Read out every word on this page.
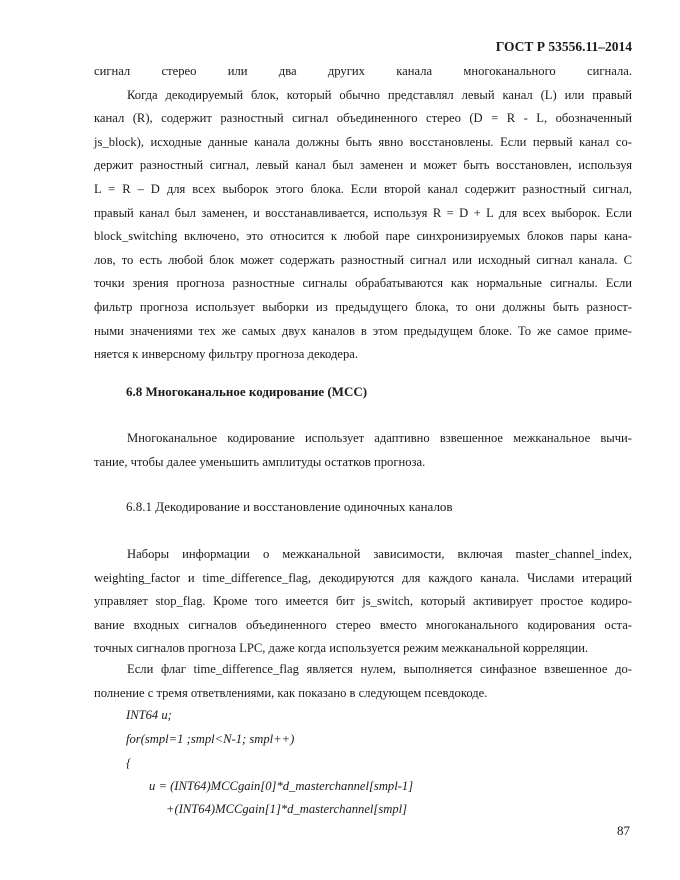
ГОСТ Р 53556.11–2014
сигнал стерео или два других канала многоканального сигнала.
Когда декодируемый блок, который обычно представлял левый канал (L) или правый
канал (R), содержит разностный сигнал объединенного стерео (D = R - L, обозначенный
js_block), исходные данные канала должны быть явно восстановлены. Если первый канал со-
держит разностный сигнал, левый канал был заменен и может быть восстановлен, используя
L = R – D для всех выборок этого блока. Если второй канал содержит разностный сигнал,
правый канал был заменен, и восстанавливается, используя R = D + L для всех выборок. Если
block_switching включено, это относится к любой паре синхронизируемых блоков пары кана-
лов, то есть любой блок может содержать разностный сигнал или исходный сигнал канала. С
точки зрения прогноза разностные сигналы обрабатываются как нормальные сигналы. Если
фильтр прогноза использует выборки из предыдущего блока, то они должны быть разност-
ными значениями тех же самых двух каналов в этом предыдущем блоке. То же самое приме-
няется к инверсному фильтру прогноза декодера.
6.8 Многоканальное кодирование (MCC)
Многоканальное кодирование использует адаптивно взвешенное межканальное вычи-
тание, чтобы далее уменьшить амплитуды остатков прогноза.
6.8.1 Декодирование и восстановление одиночных каналов
Наборы информации о межканальной зависимости, включая master_channel_index,
weighting_factor и time_difference_flag, декодируются для каждого канала. Числами итераций
управляет stop_flag. Кроме того имеется бит js_switch, который активирует простое кодиро-
вание входных сигналов объединенного стерео вместо многоканального кодирования оста-
точных сигналов прогноза LPC, даже когда используется режим межканальной корреляции.
Если флаг time_difference_flag является нулем, выполняется синфазное взвешенное до-
полнение с тремя ответвлениями, как показано в следующем псевдокоде.
INT64 u;
for(smpl=1 ;smpl<N-1; smpl++)
{
u = (INT64)MCCgain[0]*d_masterchannel[smpl-1]
+(INT64)MCCgain[1]*d_masterchannel[smpl]
87
